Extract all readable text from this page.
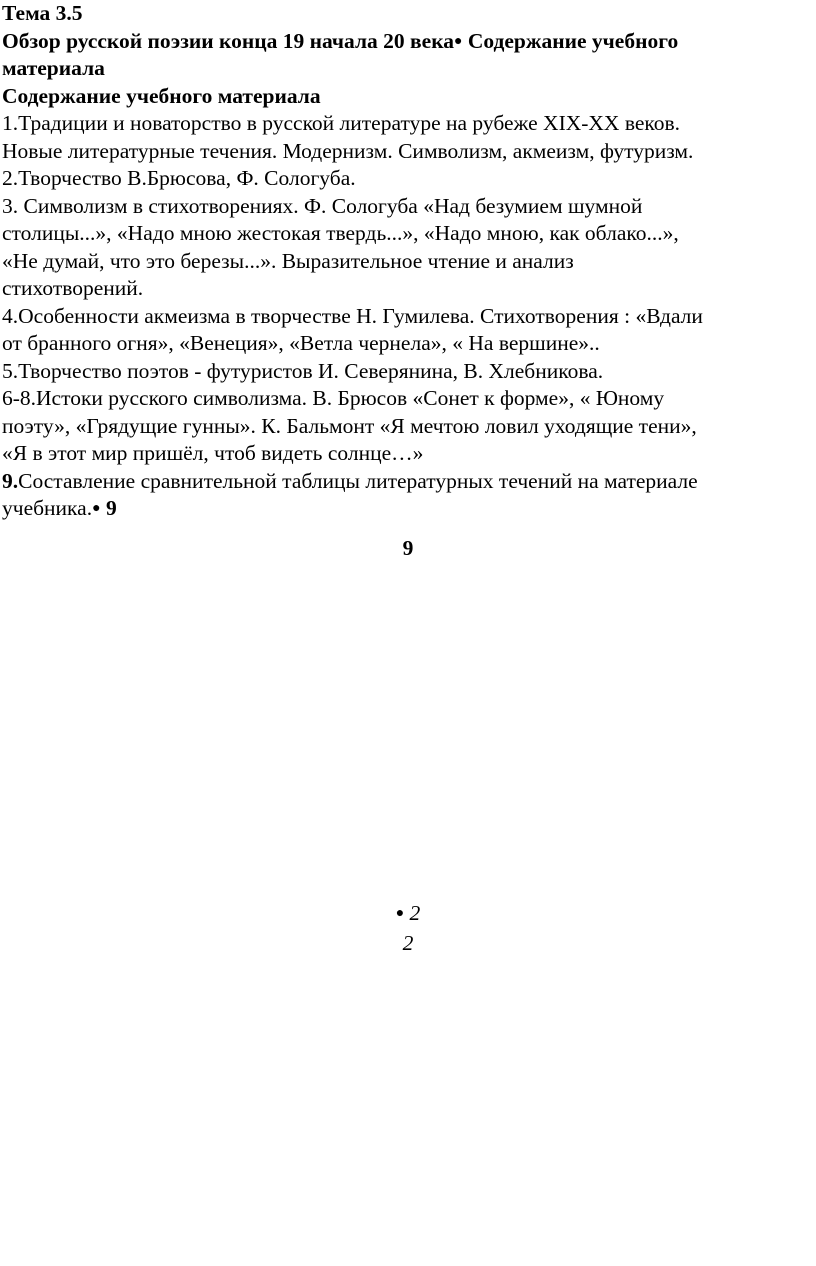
Тема 3.5
Обзор русской поэзии конца 19 начала 20 века● Содержание учебного
материала
Содержание учебного материала
1.Традиции и новаторство в русской литературе на рубеже XIX-XX веков.
Новые литературные течения. Модернизм. Символизм, акмеизм, футуризм.
2.Творчество В.Брюсова, Ф. Сологуба.
3. Символизм в стихотворениях. Ф. Сологуба «Над безумием шумной
столицы...», «Надо мною жестокая твердь...», «Надо мною, как облако...»,
«Не думай, что это березы...». Выразительное чтение и анализ
стихотворений.
4.Особенности акмеизма в творчестве Н. Гумилева. Стихотворения : «Вдали
от бранного огня», «Венеция», «Ветла чернела», « На вершине»..
5.Творчество поэтов - футуристов И. Северянина, В. Хлебникова.
6-8.Истоки русского символизма. В. Брюсов «Сонет к форме», « Юному
поэту», «Грядущие гунны». К. Бальмонт «Я мечтою ловил уходящие тени»,
«Я в этот мир пришёл, чтоб видеть солнце…»
9.Составление сравнительной таблицы литературных течений на материале
учебника.● 9
9
● 2
2
